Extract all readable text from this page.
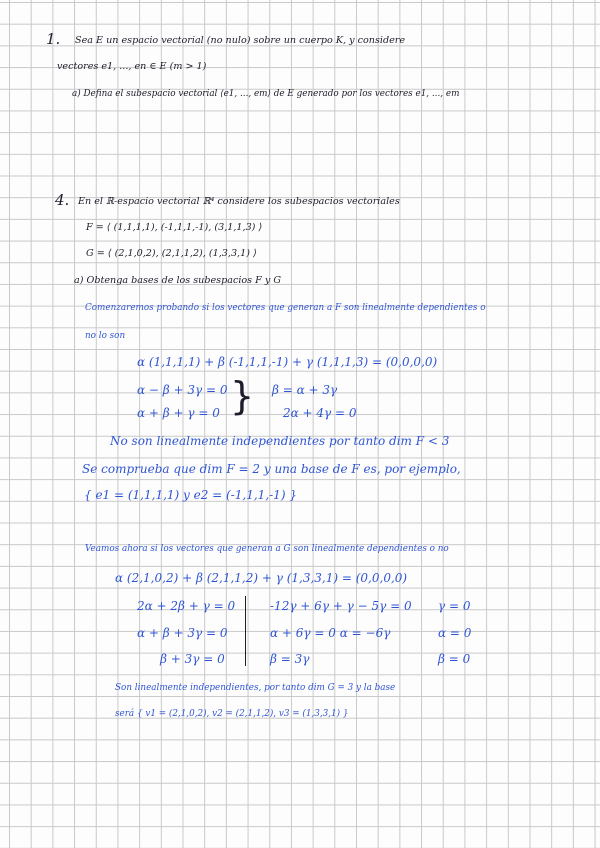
1. Sea E un espacio vectorial (no nulo) sobre un cuerpo K, y considere
vectores e1, ..., en ∈ E (m > 1)
a) Defina el subespacio vectorial ⟨e1, ..., em⟩ de E generado por los vectores e1, ..., em
4. En el ℝ-espacio vectorial ℝ⁴ considere los subespacios vectoriales
F = ⟨ (1,1,1,1), (-1,1,1,-1), (3,1,1,3) ⟩
G = ⟨ (2,1,0,2), (2,1,1,2), (1,3,3,1) ⟩
a) Obtenga bases de los subespacios F y G
Comenzaremos probando si los vectores que generan a F son linealmente dependientes o
no lo son
α (1,1,1,1) + β (-1,1,1,-1) + γ (1,1,1,3) = (0,0,0,0)
α − β + 3γ = 0
α + β + γ = 0 } β = α + 3γ
2α + 4γ = 0
No son linealmente independientes por tanto dim F < 3
Se comprueba que dim F = 2 y una base de F es, por ejemplo,
{ e1 = (1,1,1,1) y e2 = (-1,1,1,-1) }
Veamos ahora si los vectores que generan a G son linealmente dependientes o no
α (2,1,0,2) + β (2,1,1,2) + γ (1,3,3,1) = (0,0,0,0)
2α + 2β + γ = 0
α + β + 3γ = 0
β + 3γ = 0
-12γ + 6γ + γ − 5γ = 0
α + 6γ = 0 α = −6γ
β = 3γ
γ = 0
α = 0
β = 0
Son linealmente independientes, por tanto dim G = 3 y la base
será { v1 = (2,1,0,2), v2 = (2,1,1,2), v3 = (1,3,3,1) }
